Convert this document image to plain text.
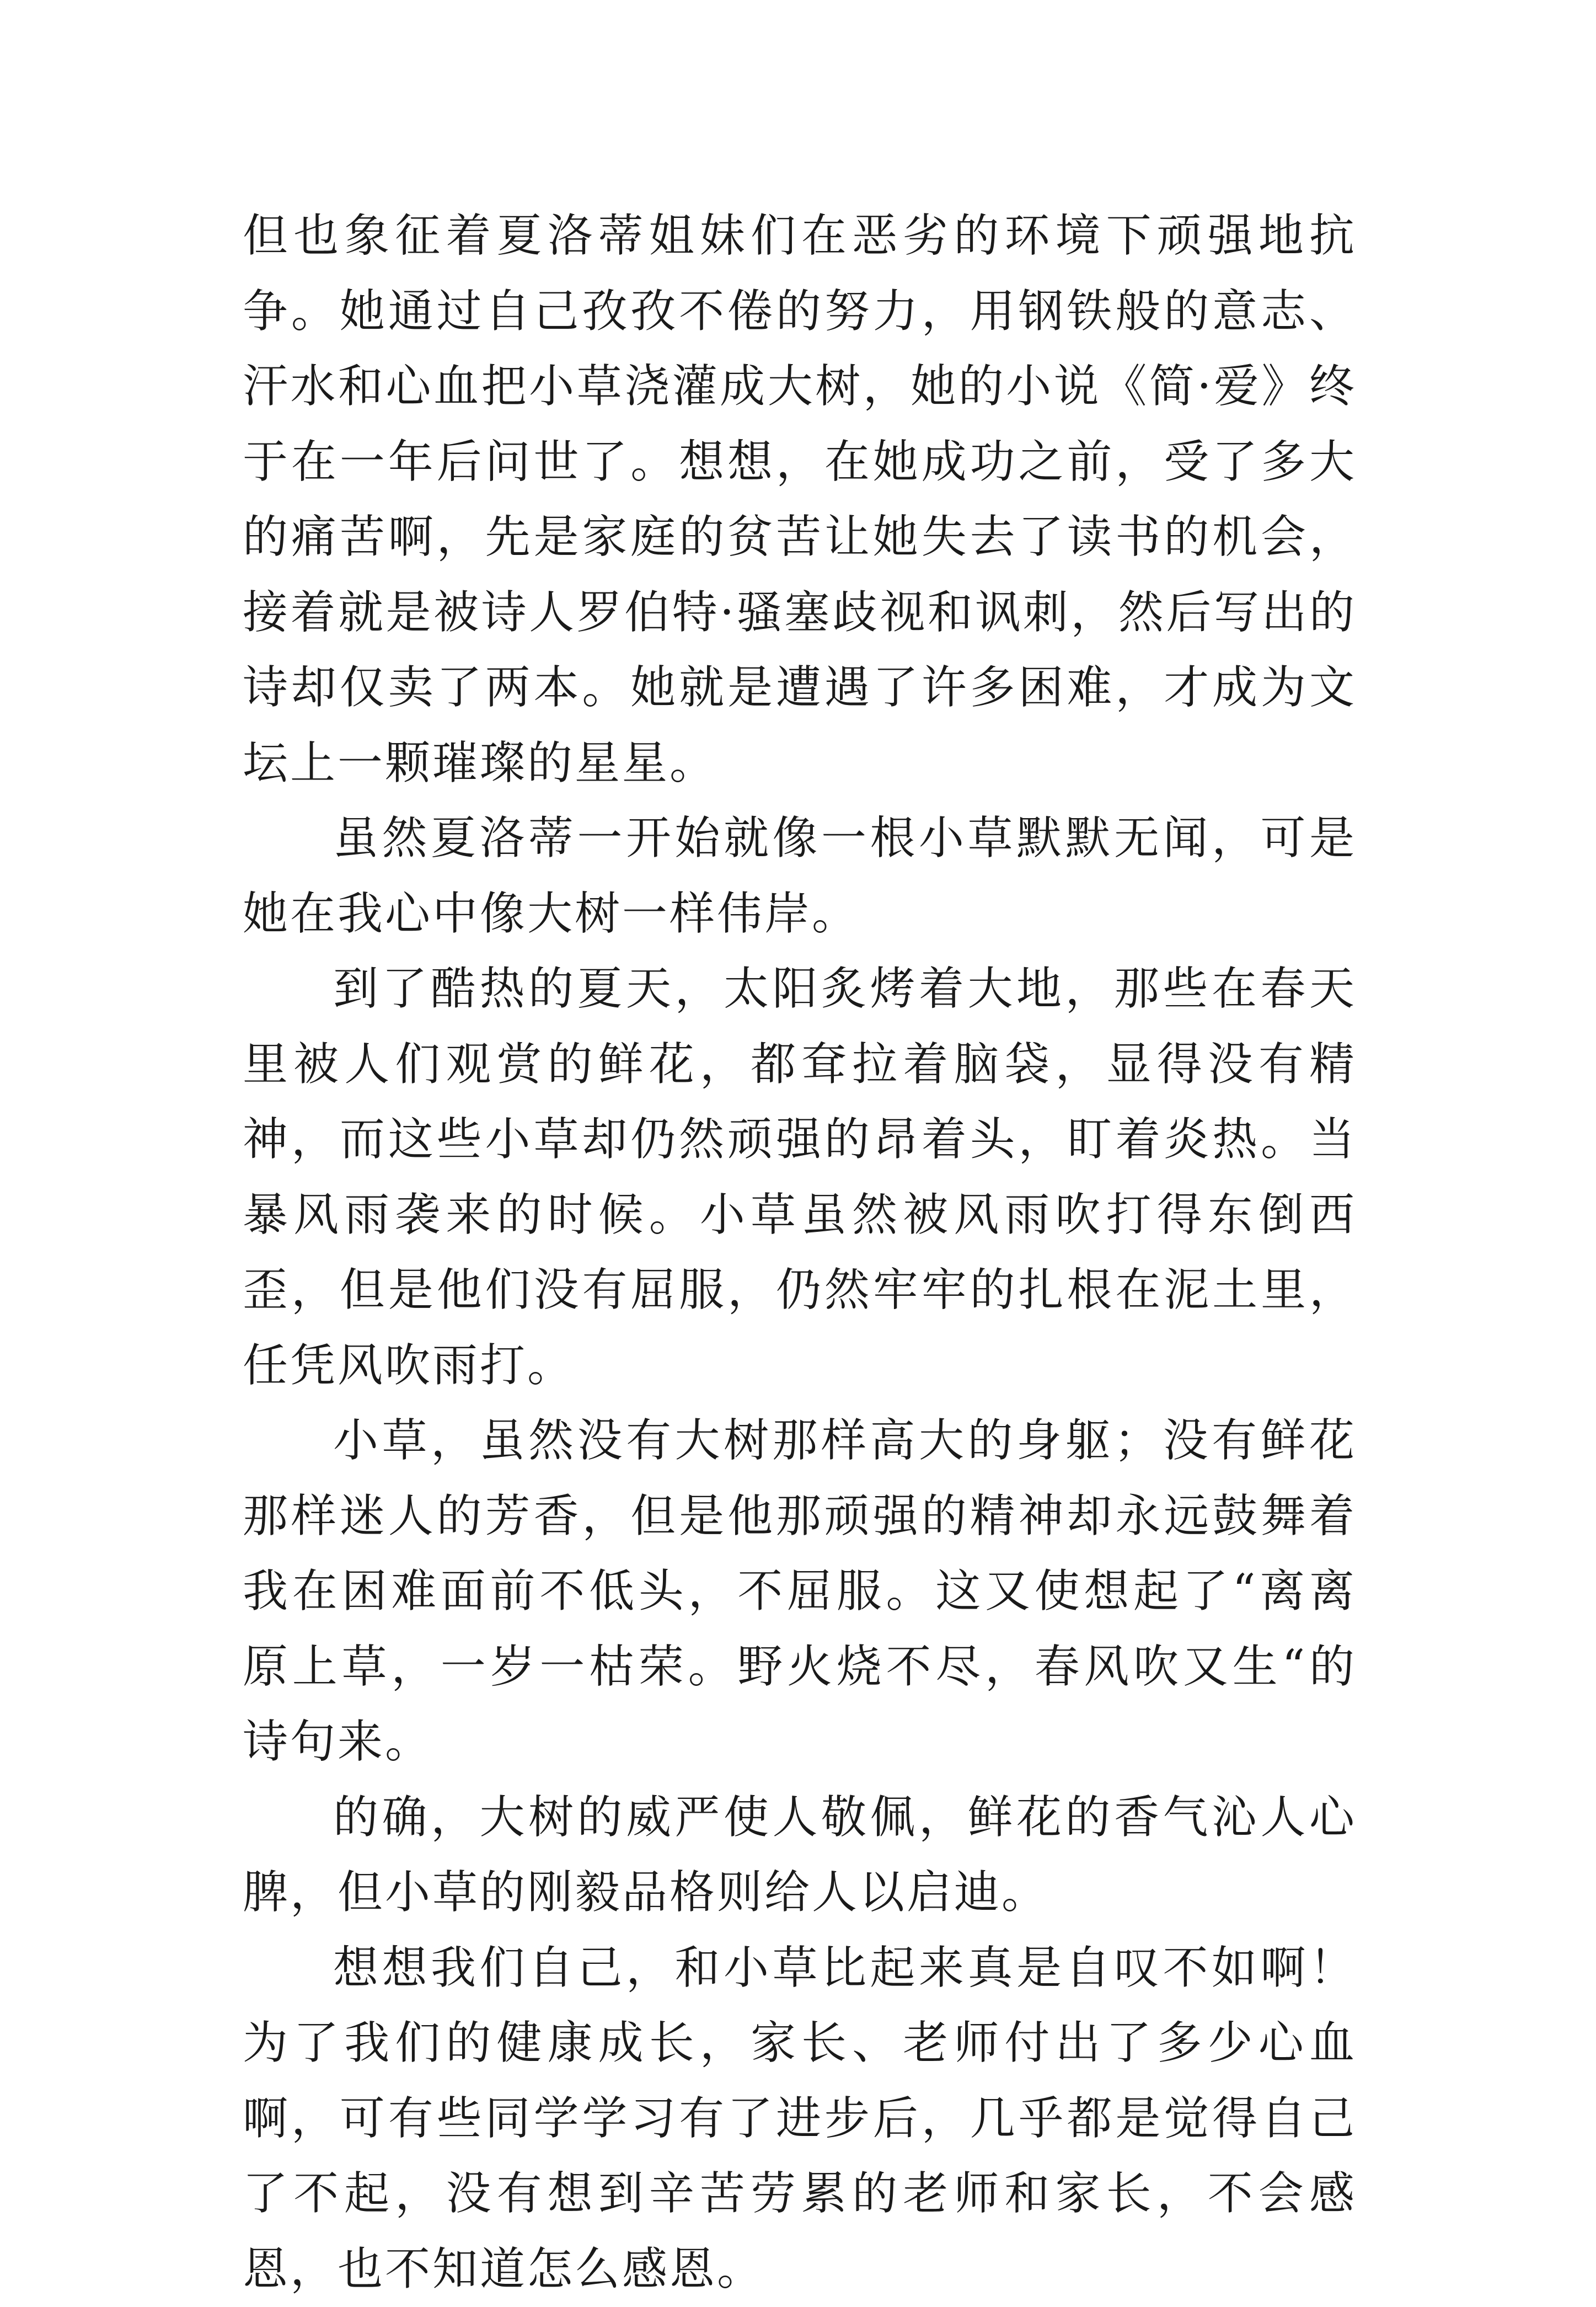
但也象征着夏洛蒂姐妹们在恶劣的环境下顽强地抗争。她通过自己孜孜不倦的努力，用钢铁般的意志、汗水和心血把小草浇灌成大树，她的小说《简·爱》终于在一年后问世了。想想，在她成功之前，受了多大的痛苦啊，先是家庭的贫苦让她失去了读书的机会，接着就是被诗人罗伯特·骚塞歧视和讽刺，然后写出的诗却仅卖了两本。她就是遭遇了许多困难，才成为文坛上一颗璀璨的星星。

虽然夏洛蒂一开始就像一根小草默默无闻，可是她在我心中像大树一样伟岸。

到了酷热的夏天，太阳炙烤着大地，那些在春天里被人们观赏的鲜花，都耷拉着脑袋，显得没有精神，而这些小草却仍然顽强的昂着头，盯着炎热。当暴风雨袭来的时候。小草虽然被风雨吹打得东倒西歪，但是他们没有屈服，仍然牢牢的扎根在泥土里，任凭风吹雨打。

小草，虽然没有大树那样高大的身躯；没有鲜花那样迷人的芳香，但是他那顽强的精神却永远鼓舞着我在困难面前不低头，不屈服。这又使想起了“离离原上草，一岁一枯荣。野火烧不尽，春风吹又生“的诗句来。

的确，大树的威严使人敬佩，鲜花的香气沁人心脾，但小草的刚毅品格则给人以启迪。

想想我们自己，和小草比起来真是自叹不如啊！为了我们的健康成长，家长、老师付出了多少心血啊，可有些同学学习有了进步后，几乎都是觉得自己了不起，没有想到辛苦劳累的老师和家长，不会感恩，也不知道怎么感恩。
